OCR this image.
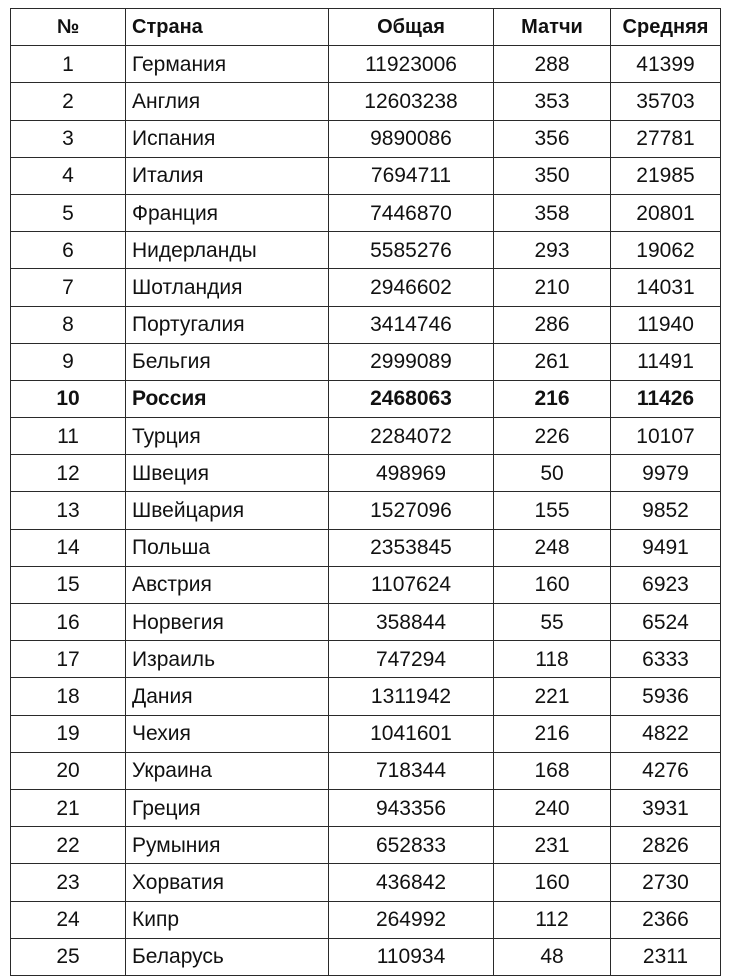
№	Страна	Общая	Матчи	Средняя
1	Германия	11923006	288	41399
2	Англия	12603238	353	35703
3	Испания	9890086	356	27781
4	Италия	7694711	350	21985
5	Франция	7446870	358	20801
6	Нидерланды	5585276	293	19062
7	Шотландия	2946602	210	14031
8	Португалия	3414746	286	11940
9	Бельгия	2999089	261	11491
10	Россия	2468063	216	11426
11	Турция	2284072	226	10107
12	Швеция	498969	50	9979
13	Швейцария	1527096	155	9852
14	Польша	2353845	248	9491
15	Австрия	1107624	160	6923
16	Норвегия	358844	55	6524
17	Израиль	747294	118	6333
18	Дания	1311942	221	5936
19	Чехия	1041601	216	4822
20	Украина	718344	168	4276
21	Греция	943356	240	3931
22	Румыния	652833	231	2826
23	Хорватия	436842	160	2730
24	Кипр	264992	112	2366
25	Беларусь	110934	48	2311
